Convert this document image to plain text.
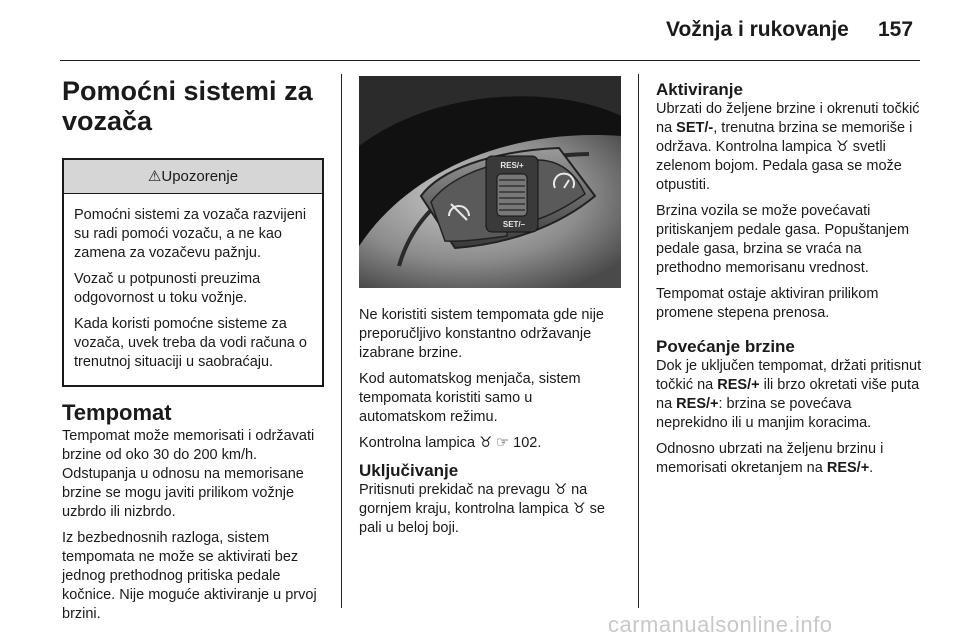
Vožnja i rukovanje 157
Pomoćni sistemi za vozača
⚠Upozorenje

Pomoćni sistemi za vozača razvijeni su radi pomoći vozaču, a ne kao zamena za vozačevu pažnju.

Vozač u potpunosti preuzima odgovornost u toku vožnje.

Kada koristi pomoćne sisteme za vozača, uvek treba da vodi računa o trenutnoj situaciji u saobraćaju.

Tempomat

Tempomat može memorisati i održavati brzine od oko 30 do 200 km/h. Odstupanja u odnosu na memorisane brzine se mogu javiti prilikom vožnje uzbrdo ili nizbrdo.

Iz bezbednosnih razloga, sistem tempomata ne može se aktivirati bez jednog prethodnog pritiska pedale kočnice. Nije moguće aktiviranje u prvoj brzini.

RES/+
SET/–

Ne koristiti sistem tempomata gde nije preporučljivo konstantno održavanje izabrane brzine.

Kod automatskog menjača, sistem tempomata koristiti samo u automatskom režimu.

Kontrolna lampica ♉ ☞ 102.

Uključivanje

Pritisnuti prekidač na prevagu ♉ na gornjem kraju, kontrolna lampica ♉ se pali u beloj boji.

Aktiviranje

Ubrzati do željene brzine i okrenuti točkić na SET/-, trenutna brzina se memoriše i održava. Kontrolna lampica ♉ svetli zelenom bojom. Pedala gasa se može otpustiti.

Brzina vozila se može povećavati pritiskanjem pedale gasa. Popuštanjem pedale gasa, brzina se vraća na prethodno memorisanu vrednost.

Tempomat ostaje aktiviran prilikom promene stepena prenosa.

Povećanje brzine

Dok je uključen tempomat, držati pritisnut točkić na RES/+ ili brzo okretati više puta na RES/+: brzina se povećava neprekidno ili u manjim koracima.

Odnosno ubrzati na željenu brzinu i memorisati okretanjem na RES/+.

carmanualsonline.info
